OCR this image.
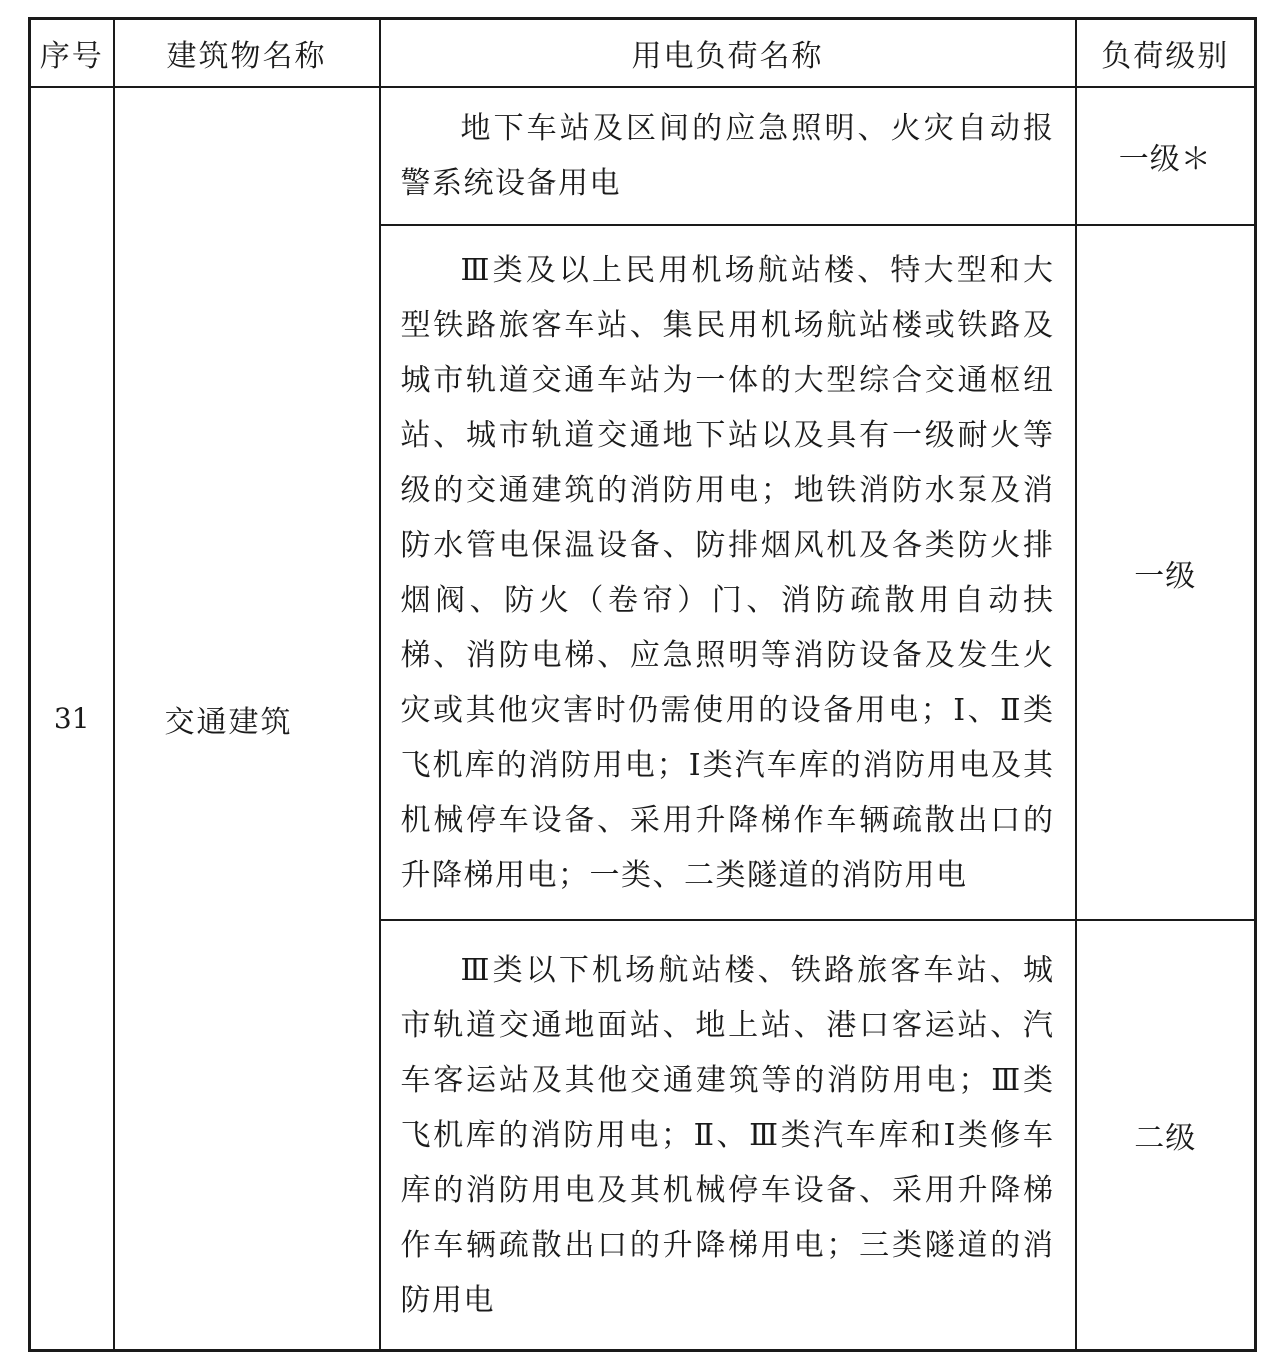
序号	建筑物名称	用电负荷名称	负荷级别
31	交通建筑	地下车站及区间的应急照明、火灾自动报警系统设备用电	一级＊

		Ⅲ类及以上民用机场航站楼、特大型和大型铁路旅客车站、集民用机场航站楼或铁路及城市轨道交通车站为一体的大型综合交通枢纽站、城市轨道交通地下站以及具有一级耐火等级的交通建筑的消防用电；地铁消防水泵及消防水管电保温设备、防排烟风机及各类防火排烟阀、防火（卷帘）门、消防疏散用自动扶梯、消防电梯、应急照明等消防设备及发生火灾或其他灾害时仍需使用的设备用电；Ⅰ、Ⅱ类飞机库的消防用电；Ⅰ类汽车库的消防用电及其机械停车设备、采用升降梯作车辆疏散出口的升降梯用电；一类、二类隧道的消防用电	一级

		Ⅲ类以下机场航站楼、铁路旅客车站、城市轨道交通地面站、地上站、港口客运站、汽车客运站及其他交通建筑等的消防用电；Ⅲ类飞机库的消防用电；Ⅱ、Ⅲ类汽车库和Ⅰ类修车库的消防用电及其机械停车设备、采用升降梯作车辆疏散出口的升降梯用电；三类隧道的消防用电	二级
